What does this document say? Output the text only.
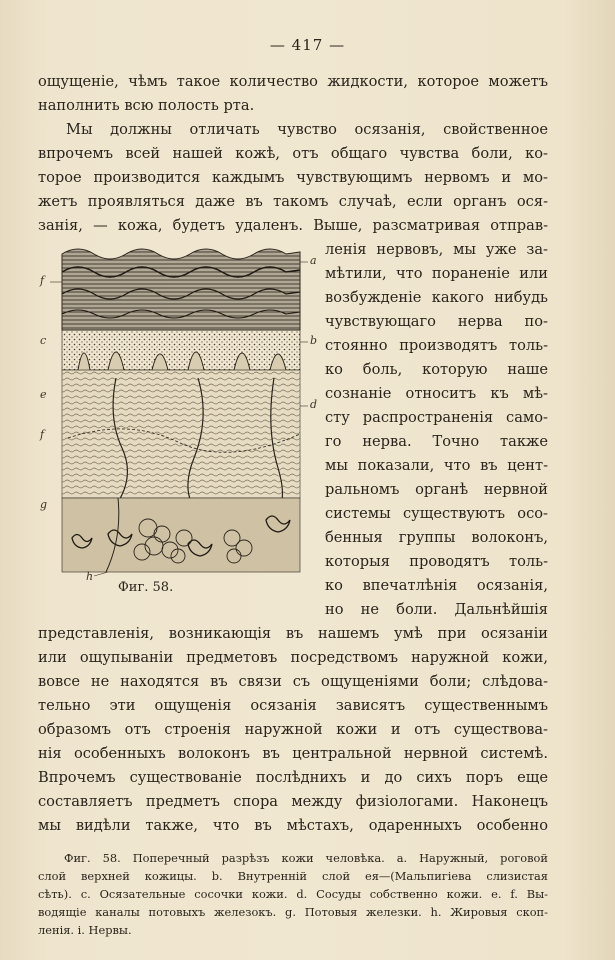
— 417 —
ощущеніе, чѣмъ такое количество жидкости, которое можетъ
наполнить всю полость рта.
Мы должны отличать чувство осязанія, свойственное
впрочемъ всей нашей кожѣ, отъ общаго чувства боли, ко-
торое производится каждымъ чувствующимъ нервомъ и мо-
жетъ проявляться даже въ такомъ случаѣ, если органъ ося-
занія, — кожа, будетъ удаленъ. Выше, разсматривая отправ-
f
a
c	b
e
d
f
g
h
Фиг. 58.
ленія нервовъ, мы уже за-
мѣтили, что пораненіе или
возбужденіе какого нибудь
чувствующаго нерва по-
стоянно производятъ толь-
ко боль, которую наше
сознаніе относитъ къ мѣ-
сту распространенія само-
го нерва. Точно также
мы показали, что въ цент-
ральномъ органѣ нервной
системы существуютъ осо-
бенныя группы волоконъ,
которыя проводятъ толь-
ко впечатлѣнія осязанія,
но не боли. Дальнѣйшія
представленія, возникающія въ нашемъ умѣ при осязаніи
или ощупываніи предметовъ посредствомъ наружной кожи,
вовсе не находятся въ связи съ ощущеніями боли; слѣдова-
тельно эти ощущенія осязанія зависятъ существеннымъ
образомъ отъ строенія наружной кожи и отъ существова-
нія особенныхъ волоконъ въ центральной нервной системѣ.
Впрочемъ существованіе послѣднихъ и до сихъ поръ еще
составляетъ предметъ спора между физіологами. Наконецъ
мы видѣли также, что въ мѣстахъ, одаренныхъ особенно
Фиг. 58. Поперечный разрѣзъ кожи человѣка. a. Наружный, роговой
слой верхней кожицы. b. Внутренній слой ея—(Мальпигіева слизистая
сѣть). c. Осязательные сосочки кожи. d. Сосуды собственно кожи. e. f. Вы-
водящіе каналы потовыхъ железокъ. g. Потовыя железки. h. Жировыя скоп-
ленія. i. Нервы.
